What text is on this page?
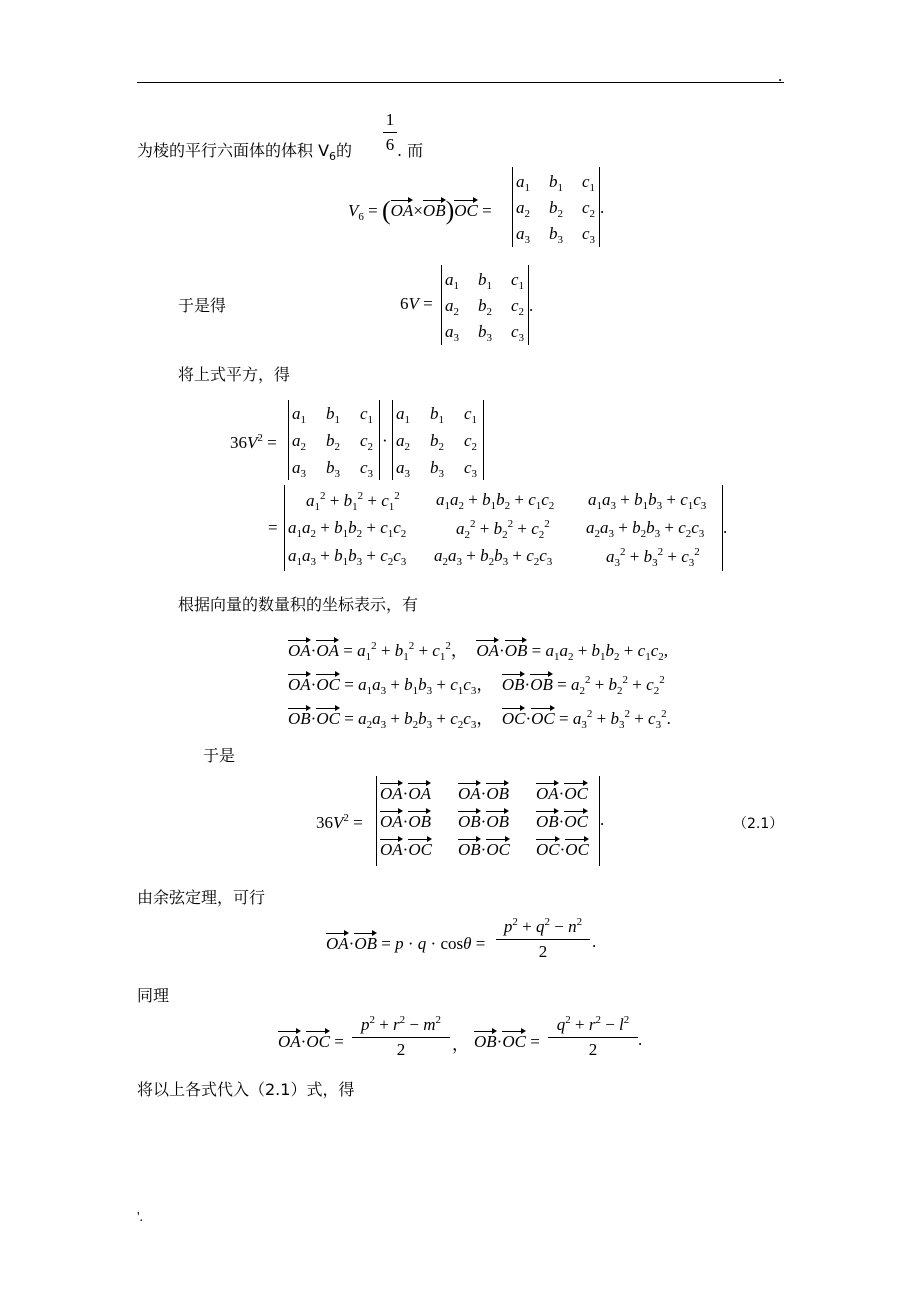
.
为棱的平行六面体的体积 $V_6$的
1
6 . 而
$V_6 = (OA\times OB)OC$ =
$a_1$ $b_1$ $c_1$
$a_2$ $b_2$ $c_2$
$a_3$ $b_3$ $c_3$
.
于是得	6V =
$a_1$ $b_1$ $c_1$
$a_2$ $b_2$ $c_2$
$a_3$ $b_3$ $c_3$
.
将上式平方，得
$36V^2$ =
$a_1$ $b_1$ $c_1$
$a_2$ $b_2$ $c_2$
$a_3$ $b_3$ $c_3$
·
$a_1$ $b_1$ $c_1$
$a_2$ $b_2$ $c_2$
$a_3$ $b_3$ $c_3$
=
$a_1^2 + b_1^2 + c_1^2$ $a_1a_2 + b_1b_2 + c_1c_2$ $a_1a_3 + b_1b_3 + c_1c_3$
$a_1a_2 + b_1b_2 + c_1c_2$	$a_2^2 + b_2^2 + c_2^2$ $a_2a_3 + b_2b_3 + c_2c_3$
$a_1a_3 + b_1b_3 + c_2c_3$ $a_2a_3 + b_2b_3 + c_2c_3$	$a_3^2 + b_3^2 + c_3^2$
.
根据向量的数量积的坐标表示，有
$OA\cdot OA = a_1^2 + b_1^2 + c_1^2$，  $OA\cdot OB = a_1a_2 + b_1b_2 + c_1c_2$,
$OA\cdot OC = a_1a_3 + b_1b_3 + c_1c_3$，  $OB\cdot OB = a_2^2 + b_2^2 + c_2^2$
$OB\cdot OC = a_2a_3 + b_2b_3 + c_2c_3$，  $OC\cdot OC = a_3^2 + b_3^2 + c_3^2$.
于是
$36V^2$ =
OA·OA OA·OB OA·OC
OA·OB OB·OB OB·OC
OA·OC OB·OC OC·OC
.	（2.1）
由余弦定理，可行
OA·OB = p · q · cosθ =
$p^2 + q^2 - n^2$
2
.
同理
OA·OC =
$p^2 + r^2 - m^2$
2	， OB·OC =
$q^2 + r^2 - l^2$
2
.
将以上各式代入（2.1）式，得
'.
